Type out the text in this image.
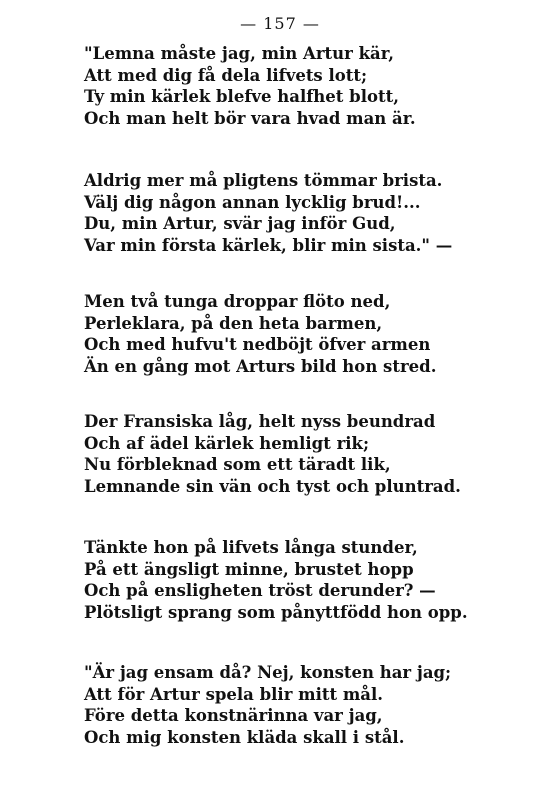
— 157 —
"Lemna måste jag, min Artur kär,
Att med dig få dela lifvets lott;
Ty min kärlek blefve halfhet blott,
Och man helt bör vara hvad man är.
Aldrig mer må pligtens tömmar brista.
Välj dig någon annan lycklig brud!...
Du, min Artur, svär jag inför Gud,
Var min första kärlek, blir min sista." —
Men två tunga droppar flöto ned,
Perleklara, på den heta barmen,
Och med hufvu't nedböjt öfver armen
Än en gång mot Arturs bild hon stred.
Der Fransiska låg, helt nyss beundrad
Och af ädel kärlek hemligt rik;
Nu förbleknad som ett täradt lik,
Lemnande sin vän och tyst och pluntrad.
Tänkte hon på lifvets långa stunder,
På ett ängsligt minne, brustet hopp
Och på ensligheten tröst derunder? —
Plötsligt sprang som pånyttfödd hon opp.
"Är jag ensam då? Nej, konsten har jag;
Att för Artur spela blir mitt mål.
Före detta konstnärinna var jag,
Och mig konsten kläda skall i stål.
